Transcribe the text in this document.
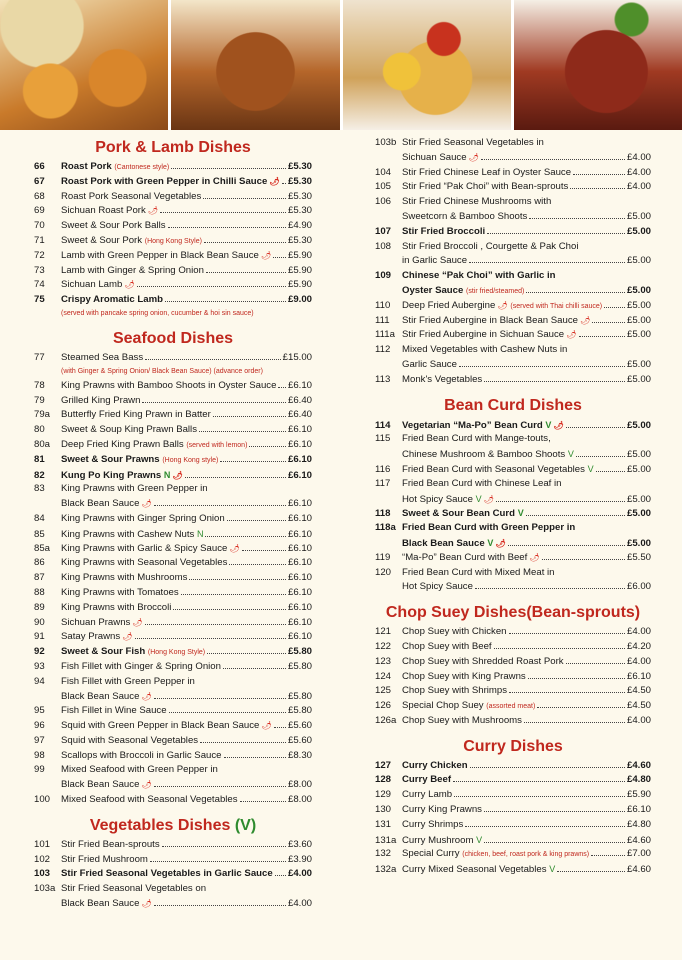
Pork & Lamb Dishes
66	Roast Pork
(Cantonese style)	£5.30
67	Roast Pork with Green Pepper in Chilli Sauce 🌶 £5.30
68	Roast Pork Seasonal Vegetables	£5.30
69	Sichuan Roast Pork 🌶	£5.30
70	Sweet & Sour Pork Balls	£4.90
71	Sweet & Sour Pork
(Hong Kong Style)	£5.30
72	Lamb with Green Pepper in Black Bean Sauce 🌶 £5.90
73	Lamb with Ginger & Spring Onion	£5.90
74	Sichuan Lamb 🌶	£5.90
75	Crispy Aromatic Lamb	£9.00
(served with pancake spring onion, cucumber & hoi sin sauce)
Seafood Dishes
77	Steamed Sea Bass	£15.00
(with Ginger & Spring Onion/ Black Bean Sauce) (advance order)
78	King Prawns with Bamboo Shoots in Oyster Sauce £6.10
79	Grilled King Prawn	£6.40
79a	Butterfly Fried King Prawn in Batter	£6.40
80	Sweet & Soup King Prawn Balls	£6.10
80a	Deep Fried King Prawn Balls
(served with lemon)	£6.10
81	Sweet & Sour Prawns
(Hong Kong style)	£6.10
82	Kung Po King Prawns
N 🌶	£6.10
83	King Prawns with Green Pepper in
Black Bean Sauce 🌶	£6.10
84	King Prawns with Ginger Spring Onion	£6.10
85	King Prawns with Cashew Nuts
N	£6.10
85a	King Prawns with Garlic & Spicy Sauce 🌶	£6.10
86	King Prawns with Seasonal Vegetables	£6.10
87	King Prawns with Mushrooms	£6.10
88	King Prawns with Tomatoes	£6.10
89	King Prawns with Broccoli	£6.10
90	Sichuan Prawns 🌶	£6.10
91	Satay Prawns 🌶	£6.10
92	Sweet & Sour Fish
(Hong Kong Style)	£5.80
93	Fish Fillet with Ginger & Spring Onion	£5.80
94	Fish Fillet with Green Pepper in
Black Bean Sauce 🌶	£5.80
95	Fish Fillet in Wine Sauce	£5.80
96	Squid with Green Pepper in Black Bean Sauce 🌶 £5.60
97	Squid with Seasonal Vegetables	£5.60
98	Scallops with Broccoli in Garlic Sauce	£8.30
99	Mixed Seafood with Green Pepper in
Black Bean Sauce 🌶	£8.00
100	Mixed Seafood with Seasonal Vegetables	£8.00
Vegetables Dishes (V)
101	Stir Fried Bean-sprouts	£3.60
102	Stir Fried Mushroom	£3.90
103	Stir Fried Seasonal Vegetables in Garlic Sauce £4.00
103a Stir Fried Seasonal Vegetables on
Black Bean Sauce 🌶	£4.00
103b Stir Fried Seasonal Vegetables in
Sichuan Sauce 🌶	£4.00
104	Stir Fried Chinese Leaf in Oyster Sauce	£4.00
105	Stir Fried “Pak Choi” with Bean-sprouts	£4.00
106	Stir Fried Chinese Mushrooms with
Sweetcorn & Bamboo Shoots	£5.00
107	Stir Fried Broccoli	£5.00
108	Stir Fried Broccoli , Courgette & Pak Choi
in Garlic Sauce	£5.00
109	Chinese “Pak Choi” with Garlic in
Oyster Sauce
(stir fried/steamed)	£5.00
110	Deep Fried Aubergine 🌶
(served with Thai chilli sauce)	£5.00
111	Stir Fried Aubergine in Black Bean Sauce 🌶	£5.00
111a Stir Fried Aubergine in Sichuan Sauce 🌶	£5.00
112	Mixed Vegetables with Cashew Nuts in
Garlic Sauce	£5.00
113	Monk's Vegetables	£5.00
Bean Curd Dishes
114	Vegetarian “Ma-Po” Bean Curd
V 🌶	£5.00
115	Fried Bean Curd with Mange-touts,
Chinese Mushroom & Bamboo Shoots
V	£5.00
116	Fried Bean Curd with Seasonal Vegetables
V	£5.00
117	Fried Bean Curd with Chinese Leaf in
Hot Spicy Sauce
V 🌶	£5.00
118	Sweet & Sour Bean Curd
V	£5.00
118a Fried Bean Curd with Green Pepper in
Black Bean Sauce
V 🌶	£5.00
119	“Ma-Po” Bean Curd with Beef 🌶	£5.50
120	Fried Bean Curd with Mixed Meat in
Hot Spicy Sauce	£6.00
Chop Suey Dishes(Bean-sprouts)
121	Chop Suey with Chicken	£4.00
122	Chop Suey with Beef	£4.20
123	Chop Suey with Shredded Roast Pork	£4.00
124	Chop Suey with King Prawns	£6.10
125	Chop Suey with Shrimps	£4.50
126	Special Chop Suey
(assorted meat)	£4.50
126a Chop Suey with Mushrooms	£4.00
Curry Dishes
127	Curry Chicken	£4.60
128	Curry Beef	£4.80
129	Curry Lamb	£5.90
130	Curry King Prawns	£6.10
131	Curry Shrimps	£4.80
131a Curry Mushroom
V	£4.60
132	Special Curry
(chicken, beef, roast pork & king prawns)	£7.00
132a Curry Mixed Seasonal Vegetables
V	£4.60
